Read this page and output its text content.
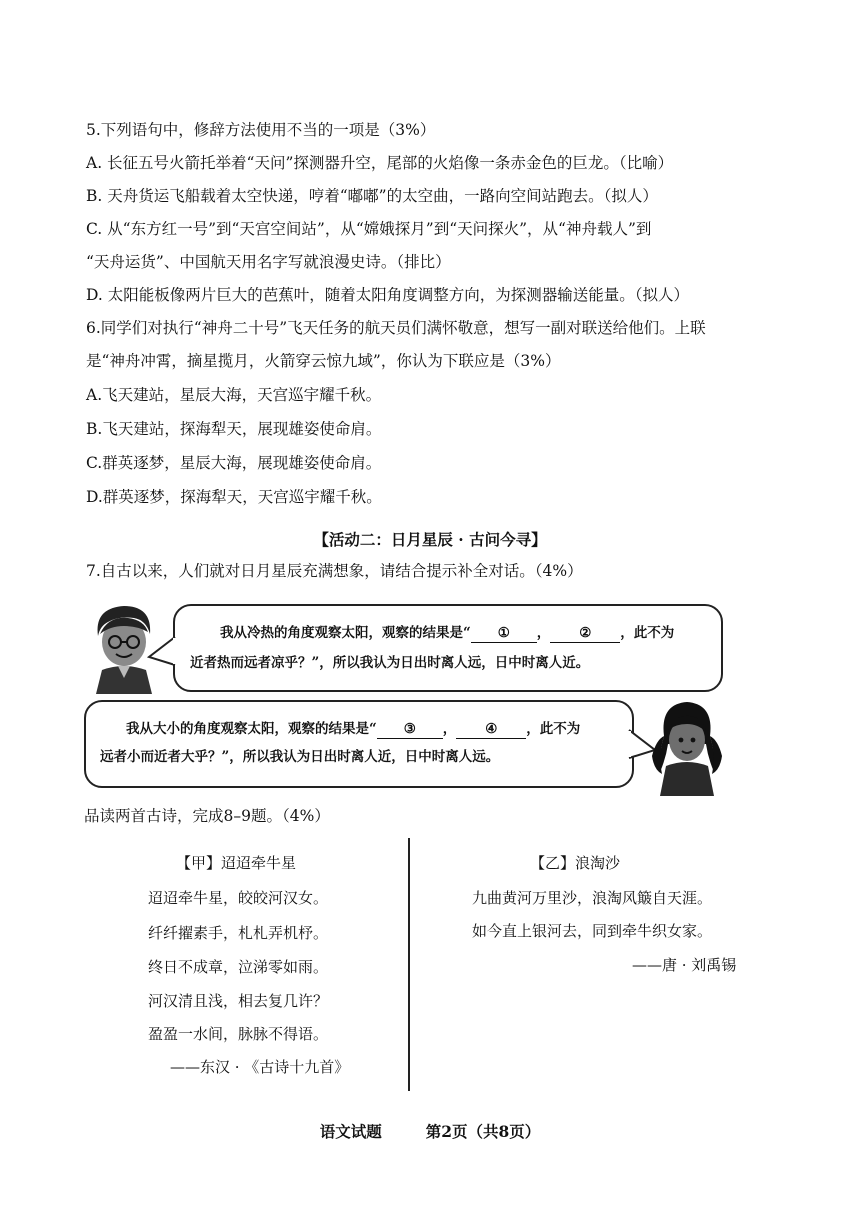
5.下列语句中，修辞方法使用不当的一项是（3%）
A. 长征五号火箭托举着“天问”探测器升空，尾部的火焰像一条赤金色的巨龙。（比喻）
B. 天舟货运飞船载着太空快递，哼着“嘟嘟”的太空曲，一路向空间站跑去。（拟人）
C. 从“东方红一号”到“天宫空间站”，从“嫦娥探月”到“天问探火”，从“神舟载人”到
“天舟运货”、中国航天用名字写就浪漫史诗。（排比）
D. 太阳能板像两片巨大的芭蕉叶，随着太阳角度调整方向，为探测器输送能量。（拟人）
6.同学们对执行“神舟二十号”飞天任务的航天员们满怀敬意，想写一副对联送给他们。上联
是“神舟冲霄，摘星揽月，火箭穿云惊九域”，你认为下联应是（3%）
A.飞天建站，星辰大海，天宫巡宇耀千秋。
B.飞天建站，探海犁天，展现雄姿使命肩。
C.群英逐梦，星辰大海，展现雄姿使命肩。
D.群英逐梦，探海犁天，天宫巡宇耀千秋。
【活动二：日月星辰 · 古问今寻】
7.自古以来，人们就对日月星辰充满想象，请结合提示补全对话。（4%）
我从冷热的角度观察太阳，观察的结果是“ ① ， ② ，此不为
近者热而远者凉乎？”，所以我认为日出时离人远，日中时离人近。
我从大小的角度观察太阳，观察的结果是“ ③ ， ④ ，此不为
远者小而近者大乎？”，所以我认为日出时离人近，日中时离人远。
品读两首古诗，完成8–9题。（4%）
【甲】迢迢牵牛星
迢迢牵牛星，皎皎河汉女。
纤纤擢素手，札札弄机杼。
终日不成章，泣涕零如雨。
河汉清且浅，相去复几许？
盈盈一水间，脉脉不得语。
——东汉 · 《古诗十九首》
【乙】浪淘沙
九曲黄河万里沙，浪淘风簸自天涯。
如今直上银河去，同到牵牛织女家。
——唐 · 刘禹锡
语文试题	第2页（共8页）
